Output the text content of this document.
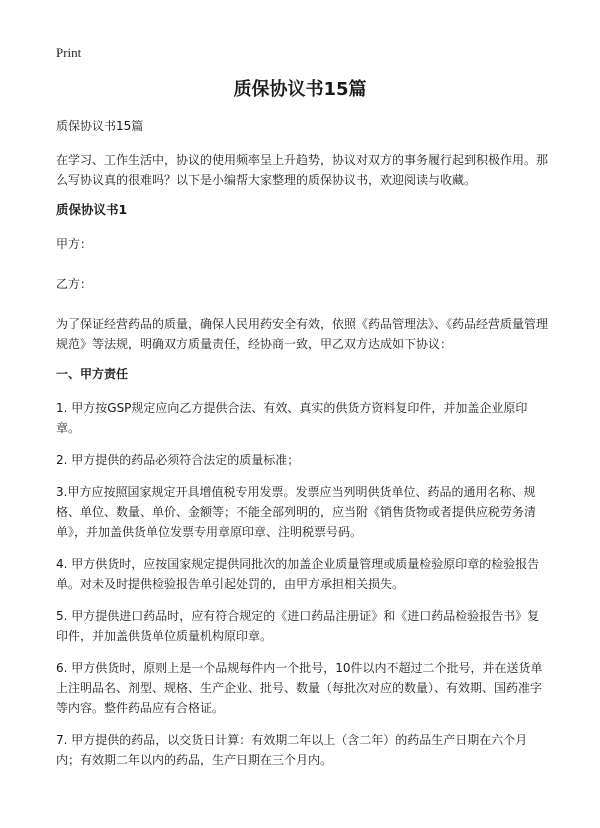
Print
质保协议书15篇

质保协议书15篇

在学习、工作生活中，协议的使用频率呈上升趋势，协议对双方的事务履行起到积极作用。那么写协议真的很难吗？以下是小编帮大家整理的质保协议书，欢迎阅读与收藏。

质保协议书1

甲方：

乙方：

为了保证经营药品的质量，确保人民用药安全有效，依照《药品管理法》、《药品经营质量管理规范》等法规，明确双方质量责任，经协商一致，甲乙双方达成如下协议：

一、甲方责任

1. 甲方按GSP规定应向乙方提供合法、有效、真实的供货方资料复印件，并加盖企业原印章。

2. 甲方提供的药品必须符合法定的质量标准；

3.甲方应按照国家规定开具增值税专用发票。发票应当列明供货单位、药品的通用名称、规格、单位、数量、单价、金额等；不能全部列明的，应当附《销售货物或者提供应税劳务清单》，并加盖供货单位发票专用章原印章、注明税票号码。

4. 甲方供货时，应按国家规定提供同批次的加盖企业质量管理或质量检验原印章的检验报告单。对未及时提供检验报告单引起处罚的，由甲方承担相关损失。

5. 甲方提供进口药品时，应有符合规定的《进口药品注册证》和《进口药品检验报告书》复印件，并加盖供货单位质量机构原印章。

6. 甲方供货时，原则上是一个品规每件内一个批号，10件以内不超过二个批号，并在送货单上注明品名、剂型、规格、生产企业、批号、数量（每批次对应的数量）、有效期、国药准字等内容。整件药品应有合格证。

7. 甲方提供的药品，以交货日计算：有效期二年以上（含二年）的药品生产日期在六个月内；有效期二年以内的药品，生产日期在三个月内。
